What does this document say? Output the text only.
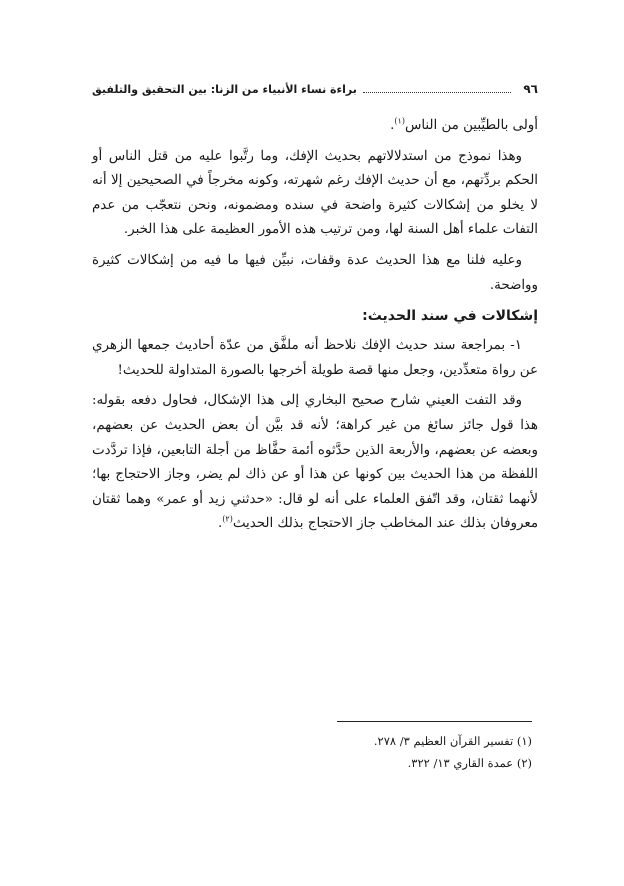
٩٦
براءة نساء الأنبياء من الزنا: بين التحقيق والتلفيق

أولى بالطيِّبين من الناس$^{(١)}$.

وهذا نموذج من استدلالاتهم بحديث الإفك، وما رتَّبوا عليه من قتل الناس أو الحكم بردِّتهم، مع أن حديث الإفك رغم شهرته، وكونه مخرجاً في الصحيحين إلا أنه لا يخلو من إشكالات كثيرة واضحة في سنده ومضمونه، ونحن نتعجّب من عدم التفات علماء أهل السنة لها، ومن ترتيب هذه الأمور العظيمة على هذا الخبر.

وعليه فلنا مع هذا الحديث عدة وقفات، نبيِّن فيها ما فيه من إشكالات كثيرة وواضحة.

إشكالات في سند الحديث:

١- بمراجعة سند حديث الإفك نلاحظ أنه ملفَّق من عدّة أحاديث جمعها الزهري عن رواة متعدِّدين، وجعل منها قصة طويلة أخرجها بالصورة المتداولة للحديث!

وقد التفت العيني شارح صحيح البخاري إلى هذا الإشكال، فحاول دفعه بقوله: هذا قول جائز سائغ من غير كراهة؛ لأنه قد بيَّن أن بعض الحديث عن بعضهم، وبعضه عن بعضهم، والأربعة الذين حدَّثوه أئمة حفَّاظ من أجلة التابعين، فإذا تردَّدت اللفظة من هذا الحديث بين كونها عن هذا أو عن ذاك لم يضر، وجاز الاحتجاج بها؛ لأنهما ثقتان، وقد اتّفق العلماء على أنه لو قال: «حدثني زيد أو عمر» وهما ثقتان معروفان بذلك عند المخاطب جاز الاحتجاج بذلك الحديث$^{(٢)}$.

(١) تفسير القرآن العظيم ٣/ ٢٧٨.
(٢) عمدة القاري ١٣/ ٣٢٢.
